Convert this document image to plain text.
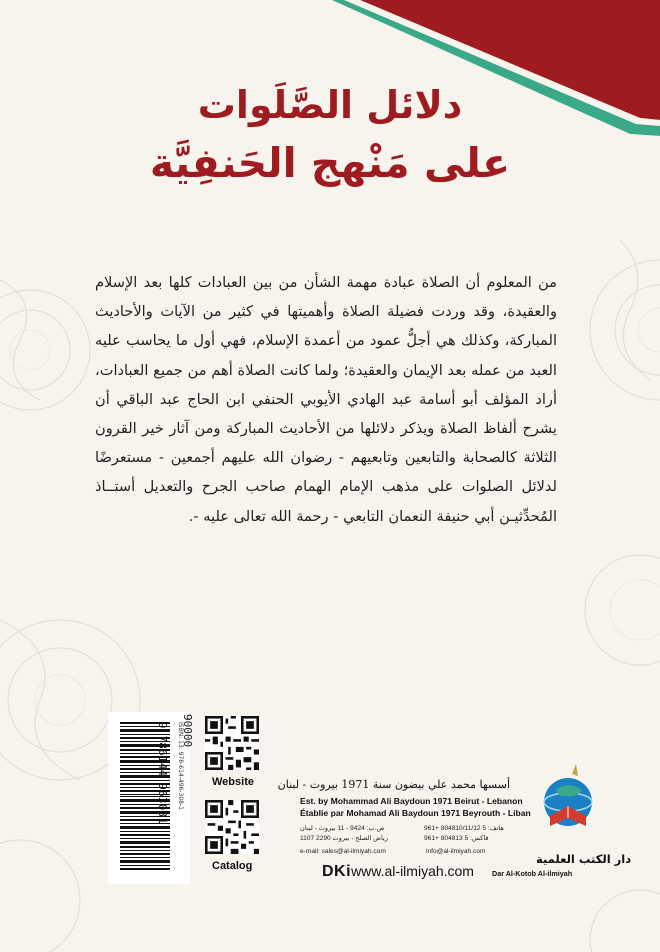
دلائل الصَّلَوات
على مَنْهج الحَنفِيَّة
من المعلوم أن الصلاة عبادة مهمة الشأن من بين العبادات كلها بعد الإسلام والعقيدة، وقد وردت فضيلة الصلاة وأهميتها في كثير من الآيات والأحاديث المباركة، وكذلك هي أجلُّ عمود من أعمدة الإسلام، فهي أول ما يحاسب عليه العبد من عمله بعد الإيمان والعقيدة؛ ولما كانت الصلاة أهم من جميع العبادات، أراد المؤلف أبو أسامة عبد الهادي الأيوبي الحنفي ابن الحاج عبد الباقي أن يشرح ألفاظ الصلاة ويذكر دلائلها من الأحاديث المباركة ومن آثار خير القرون الثلاثة كالصحابة والتابعين وتابعيهم - رضوان الله عليهم أجمعين - مستعرضًا لدلائل الصلوات على مذهب الإمام الهمام صاحب الجرح والتعديل أستــاذ المُحدِّثيـن أبي حنيفة النعمان التابعي - رحمة الله تعالى عليه -.
9 786144 963081 ISBN: 13: 978-614-496-308-1
90000
Website
Catalog
أسسها محمد علي بيضون سنة 1971 بيروت - لبنان
Est. by Mohammad Ali Baydoun 1971 Beirut - Lebanon
Établie par Mohamad Ali Baydoun 1971 Beyrouth - Liban
هاتف: 5 804810/11/12 +961
فاكس: 5 804813 +961
ص.ب: 9424 - 11 بيروت - لبنان
رياض الصلح - بيروت 2290 1107
e-mail: sales@al-ilmiyah.com	info@al-ilmiyah.com
DKiwww.al-ilmiyah.com
دار الكتب العلمية
Dar Al-Kotob Al-ilmiyah
